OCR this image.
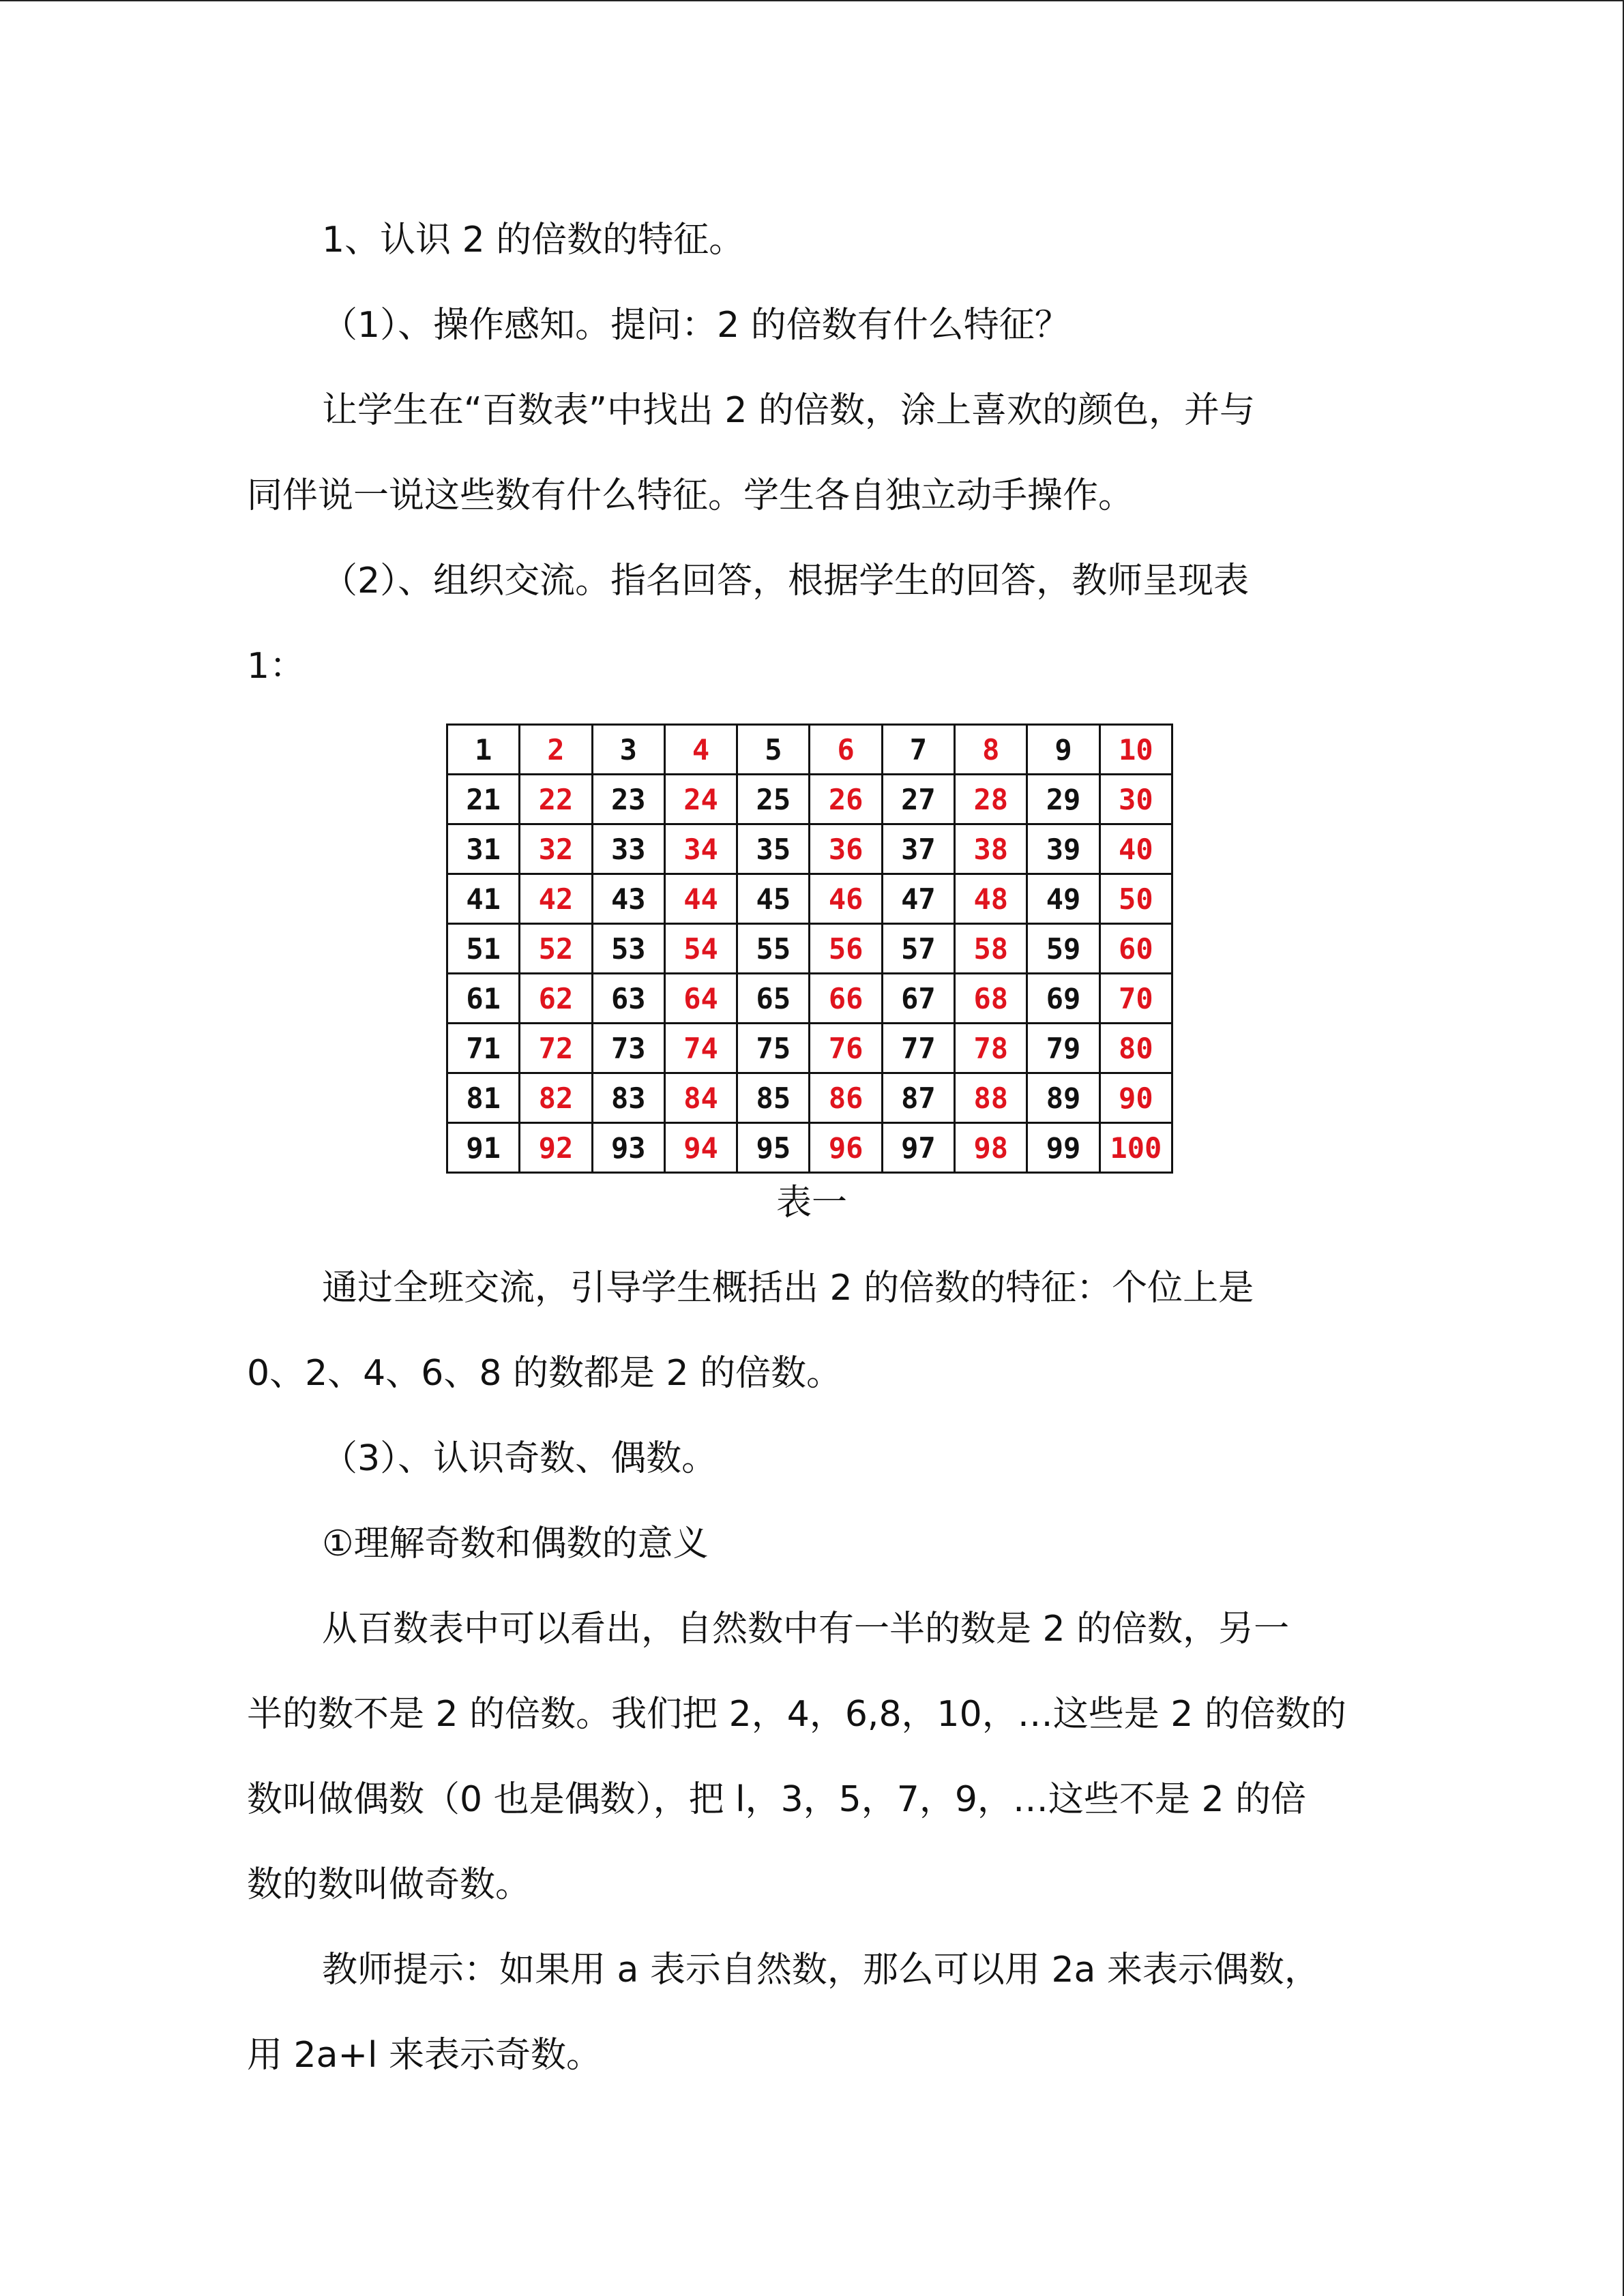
1、认识 2 的倍数的特征。

（1）、操作感知。提问：2 的倍数有什么特征？

让学生在“百数表”中找出 2 的倍数，涂上喜欢的颜色，并与

同伴说一说这些数有什么特征。学生各自独立动手操作。

（2）、组织交流。指名回答，根据学生的回答，教师呈现表

1：

1	2	3	4	5	6	7	8	9	10
21	22	23	24	25	26	27	28	29	30
31	32	33	34	35	36	37	38	39	40
41	42	43	44	45	46	47	48	49	50
51	52	53	54	55	56	57	58	59	60
61	62	63	64	65	66	67	68	69	70
71	72	73	74	75	76	77	78	79	80
81	82	83	84	85	86	87	88	89	90
91	92	93	94	95	96	97	98	99	100
表一

通过全班交流，引导学生概括出 2 的倍数的特征：个位上是

0、2、4、6、8 的数都是 2 的倍数。

（3）、认识奇数、偶数。

①理解奇数和偶数的意义

从百数表中可以看出，自然数中有一半的数是 2 的倍数，另一

半的数不是 2 的倍数。我们把 2，4，6,8，10，…这些是 2 的倍数的

数叫做偶数（0 也是偶数），把 l，3，5，7，9，…这些不是 2 的倍

数的数叫做奇数。

教师提示：如果用 a 表示自然数，那么可以用 2a 来表示偶数，

用 2a+l 来表示奇数。
